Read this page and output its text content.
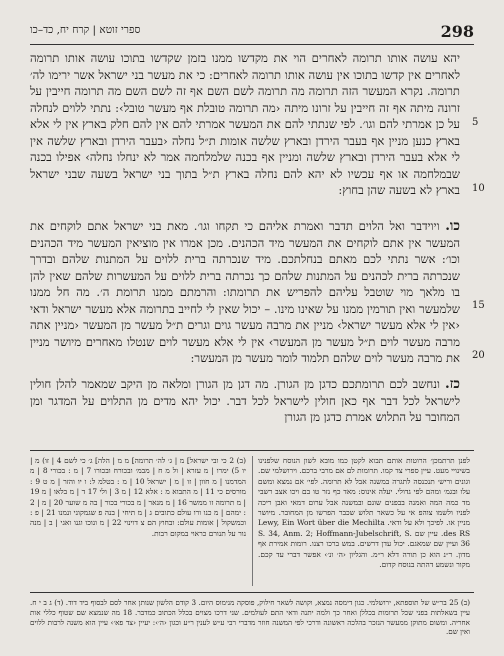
ספרי זוטא | קרח יח, כד–כו	298
יהא עושה אותו תרומה לאחרים הוי את מקדשו ממנו בזמן שקדשו בתוכו עושה אותו תרומה לאחרים אין קדשו בתוכו אין עושה אותו תרומה לאחרים: כי את מעשר בני ישראל אשר ירימו לה׳ תרומה. נקרא המעשר הזה תרומה מה תרומה לשם השם אף זה לשם השם מה תרומה חייבין על זרונה מיתה אף זה חייבין על זרונו מיתה ‹מה תרומה טובלת אף מעשר טובל›: נתתי ללוים לנחלה על כן אמרתי להם וגו׳. לפי שנתתי להם את המעשר אמרתי להם אין להם חלק בארץ אין לי אלא בארץ כנען מניין אף בעבר הירדן ובארץ שלשה אומות ת״ל נחלה ‹בעבר הירדן ובארץ שלשה אין לי אלא בעבר הירדן ובארץ שלשה ומניין אף בכנה שלמלחמה אמר לא ינחלו נחלה› אפילו בכנה שבמלחמה או אף עכשיו לא יהא להם נחלה בארץ ת״ל בתוך בני ישראל בשעה שבני ישראל בארץ לא בשעה שהן בחוץ:
כו. ויוידבר ואל הלוים תדבר ואמרת אליהם כי תקחו וגו׳. מאת בני ישראל אתם לוקחים את המעשר אין אתם לוקחים את המעשר מיד הכהנים. מכן אמרו אין מוציאין המעשר מיד הכהנים וכו׳: אשר נתתי לכם מאתם בנחלתכם. מיד שנכרתה ברית ללוים על המתנות שלהם ובדרך שנכרתה ברית לכהנים על המתנות שלהם כך נכרתה ברית ללוים על המעשרות שלהם שאין להן בו מלאך מוי שוטבל עליהם להפריש את תרומתו: והרמתם ממנו תרומת ה׳. מה חל ממנו שלמעשר ואין תורמין ממנו על שאינו מינו. – יכול שאין לי לחייב בתרומה אלא מעשר ישראל ודאי ‹אין לי אלא מעשר ישראל› מניין את מרבה מעשר גוים וגרים ת״ל מעשר מן המעשר ‹מניין אתה מרבה מעשר לוים ת״ל מעשר מן המעשר› אין לי אלא מעשר לוים שנטלו מאחרים מיושר מניין את מרבה מעשר לוים שלהם תלמוד לומר מעשר מן המעשר:
כז. ונחשב לכם תרומתכם כדגן מן הגורן. מה דגן מן הגורן ומלאה מן היקב שמאמר להלן חולין לישראל לכל דבר אף כאן חולין לישראל לכל דבר. יכול יהא מדים מן התלוים על המדגר ומן המחובר על התלוש אמרת כדגן מן הגורן
5
10
15
20
לפנן תרתמכן׳ הרוטות אותם תבוא לקטן כמו מובא לשון הנוסח שלפנינו בשינויי מעט. עיין ספרי צד קמו. תרומות לם אם מרבי ברכם. וירושלמי שם. וגונים וריש׳ תנכנסה לתגרה במשנה אבל לא תרומה. לפי׳ אם נמצא ומשם עלו ובגמ׳ ומהם לפי גדולי. יעלה אינוס: מאד כף נזר טו בם ויכו אצב רשבי מד כמה המה ואמנה בבפנים שונם ובמשנה אבל ערום דמאי ואבן ריכה לפניו ולשמו צוהפ אי על כשאר תלוש שכבר הפרשו מן המחובר. מיושר מניין או. לפיכך ולא על ודאי. Lewy, Ein Wort über die Mechilta des RS. עיין שם S. 34, Anm. 2; Hoffmann-Jubelschrift, S. 36 ועיין שם שמאגם. יכול עדן דרשים. במש ברכו רצנו. רומות אמירת אף מדון. ר״נ הוא כן תורה דלא ר״מ. והגליון ‹ה׳ ונ׳› אפשר דברי עד קכם. מקור ונשמע דהתה בנוסח קדום.
(ב) 2 כי ובי ישראל] מ | ג׳ לה׳ תרומה] מ מ | הלה] ג׳ כי לשם 4 | זו) מ | יו 5) ימרו | מ עזרא | ול מ ח | מבמ׳ ובכורח ובכורו 7 | מ : בכורי 8 | מ המדמנו | מ חוון | זו | מ | ישראל 10 | מ : בטלמ ל: ו יו והזר | מ ט 9 : מורסים כי 11 | מ התבוא מ : אלא 12 | מ 3 | ולי 17 ד | מ בלאו | מ 19 | מ תרומה זו ממשר 16 | מ מנאר | מ בכורי בכור | בה מ שוער 20 | מ | 2 : ימהם | מ כנו ורו עולם כתובים ג | מ תיחי | בנה פ שגמקוני ונמנו 21 | פ : וכמשקול | אומות עולם: ובחוץ הם צ דוינוי 22 | מ ונוכו וגנו ואגי | ב | מנה נור על תנורם כראוי במקום רבות.
(ב) 25 בר״ש של תוספתא, ירושלמי. כגון דימסה נמצא, וקושה לשאר חילוק, פוסקה מנימוס היום. 3 קודם הלשון שנותן אחר לסם לבסוף ביד דוד. (ד) ג ב י ח. עיין בשאלתות בפני שכל תרומות בכללן ואחר כך ולמה יתנה ודאי התם לעולמים. שני דרכו מצוים בכלל הכתוב כמדבר. 18 מה שנמצא שם שטוף כללי אות אחריה. ומשום מתוקן ממעשר הנזכר בהלכה ראשונה ודרכי לפי המשנה חוזר מדברי רבי ע״ש לענין ר״ע וכגון ‹ה׳›: יעיין ‹צד פא׳› עיין הוא משנה לרבות ללוים ואין שם.
